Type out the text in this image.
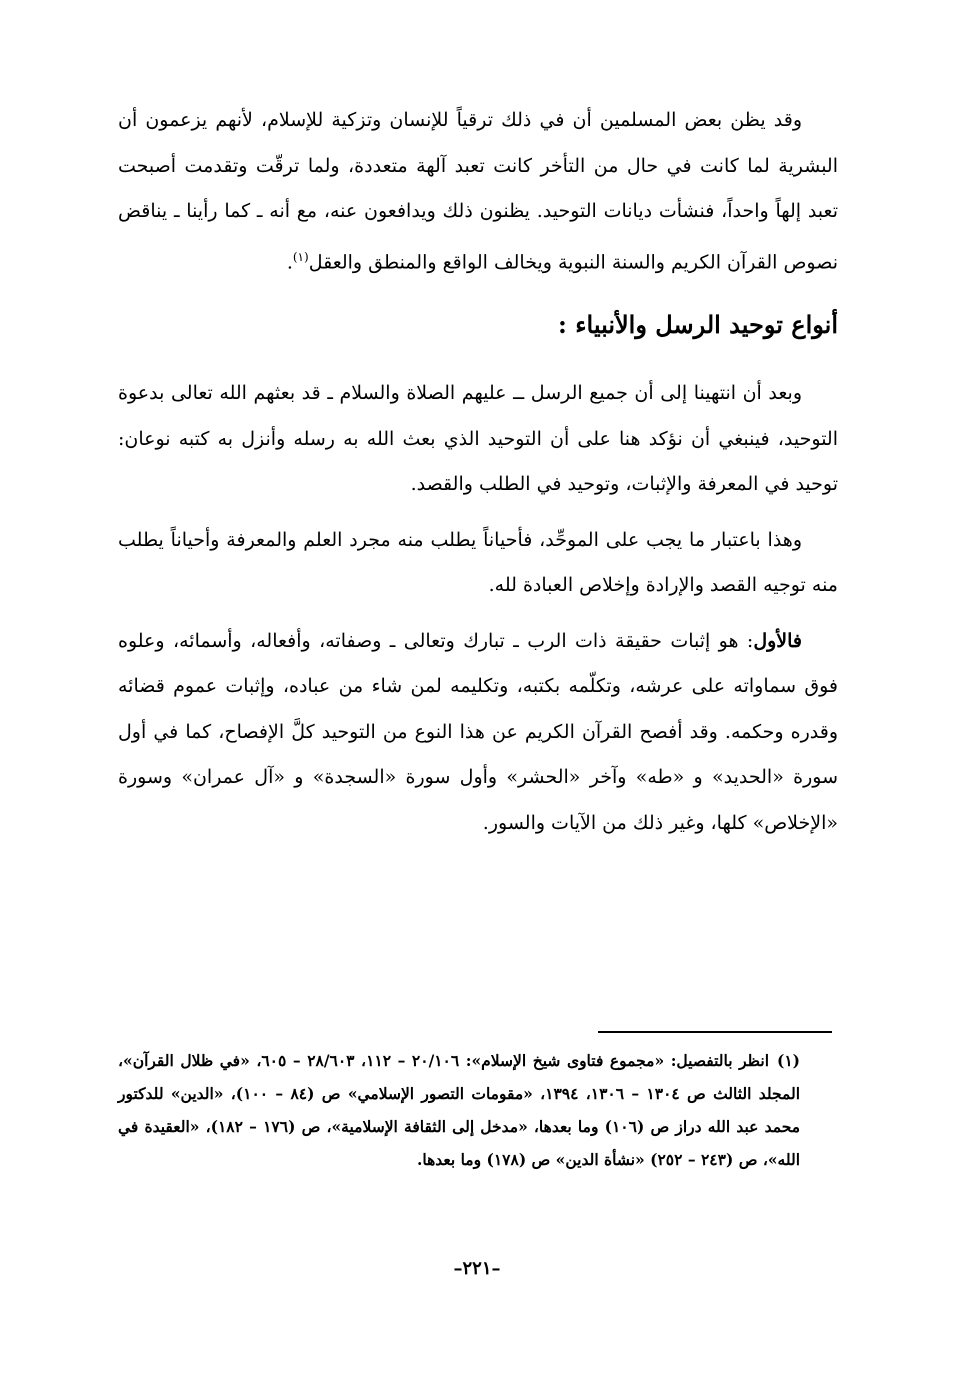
وقد يظن بعض المسلمين أن في ذلك ترقياً للإنسان وتزكية للإسلام، لأنهم يزعمون أن البشرية لما كانت في حال من التأخر كانت تعبد آلهة متعددة، ولما ترقّت وتقدمت أصبحت تعبد إلهاً واحداً، فنشأت ديانات التوحيد. يظنون ذلك ويدافعون عنه، مع أنه ـ كما رأينا ـ يناقض نصوص القرآن الكريم والسنة النبوية ويخالف الواقع والمنطق والعقل$^{(١)}$.

أنواع توحيد الرسل والأنبياء :

وبعد أن انتهينا إلى أن جميع الرسل ــ عليهم الصلاة والسلام ـ قد بعثهم الله تعالى بدعوة التوحيد، فينبغي أن نؤكد هنا على أن التوحيد الذي بعث الله به رسله وأنزل به كتبه نوعان: توحيد في المعرفة والإثبات، وتوحيد في الطلب والقصد.

وهذا باعتبار ما يجب على الموحِّد، فأحياناً يطلب منه مجرد العلم والمعرفة وأحياناً يطلب منه توجيه القصد والإرادة وإخلاص العبادة لله.

فالأول: هو إثبات حقيقة ذات الرب ـ تبارك وتعالى ـ وصفاته، وأفعاله، وأسمائه، وعلوه فوق سماواته على عرشه، وتكلّمه بكتبه، وتكليمه لمن شاء من عباده، وإثبات عموم قضائه وقدره وحكمه. وقد أفصح القرآن الكريم عن هذا النوع من التوحيد كلَّ الإفصاح، كما في أول سورة «الحديد» و «طه» وآخر «الحشر» وأول سورة «السجدة» و «آل عمران» وسورة «الإخلاص» كلها، وغير ذلك من الآيات والسور.

(١)انظر بالتفصيل: «مجموع فتاوى شيخ الإسلام»: ٢٠/١٠٦ – ١١٢، ٢٨/٦٠٣ – ٦٠٥، «في ظلال القرآن»، المجلد الثالث ص ١٣٠٤ – ١٣٠٦، ١٣٩٤، «مقومات التصور الإسلامي» ص (٨٤ – ١٠٠)، «الدين» للدكتور محمد عبد الله دراز ص (١٠٦) وما بعدها، «مدخل إلى الثقافة الإسلامية»، ص (١٧٦ – ١٨٢)، «العقيدة في الله»، ص (٢٤٣ – ٢٥٢) «نشأة الدين» ص (١٧٨) وما بعدها.

–٢٢١–
